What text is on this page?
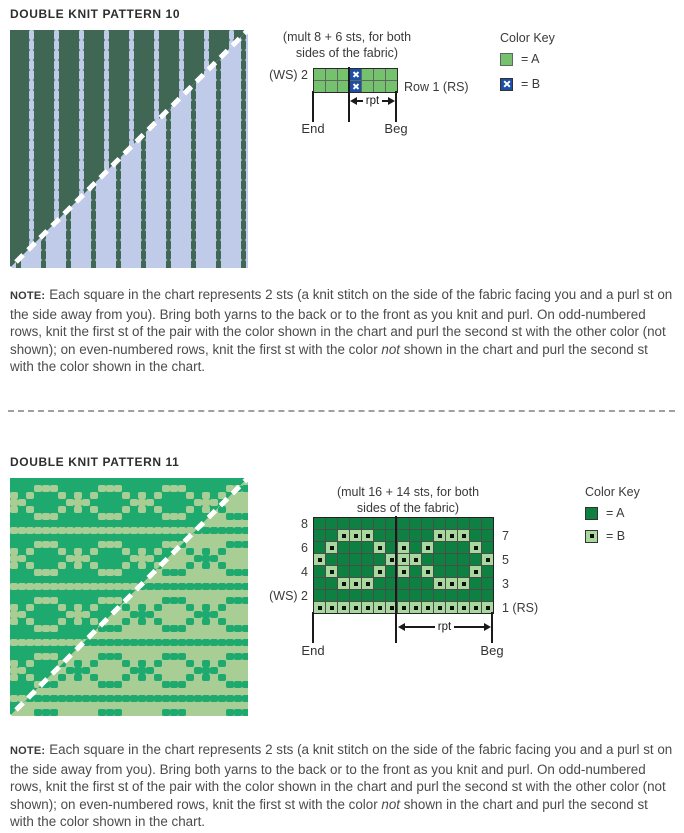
DOUBLE KNIT PATTERN 10
(mult 8 + 6 sts, for both
sides of the fabric)
(WS) 2
Row 1 (RS)
rpt
End	Beg
Color Key
= A
= B
NOTE: Each square in the chart represents 2 sts (a knit stitch on the side of the fabric facing you and a purl st on the side away from you). Bring both yarns to the back or to the front as you knit and purl. On odd-numbered rows, knit the first st of the pair with the color shown in the chart and purl the second st with the other color (not shown); on even-numbered rows, knit the first st with the color not shown in the chart and purl the second st with the color shown in the chart.
DOUBLE KNIT PATTERN 11
(mult 16 + 14 sts, for both
sides of the fabric)
8
6
4
(WS) 2
7
5
3
1 (RS)
rpt
End	Beg
Color Key
= A
= B
NOTE: Each square in the chart represents 2 sts (a knit stitch on the side of the fabric facing you and a purl st on the side away from you). Bring both yarns to the back or to the front as you knit and purl. On odd-numbered rows, knit the first st of the pair with the color shown in the chart and purl the second st with the other color (not shown); on even-numbered rows, knit the first st with the color not shown in the chart and purl the second st with the color shown in the chart.
